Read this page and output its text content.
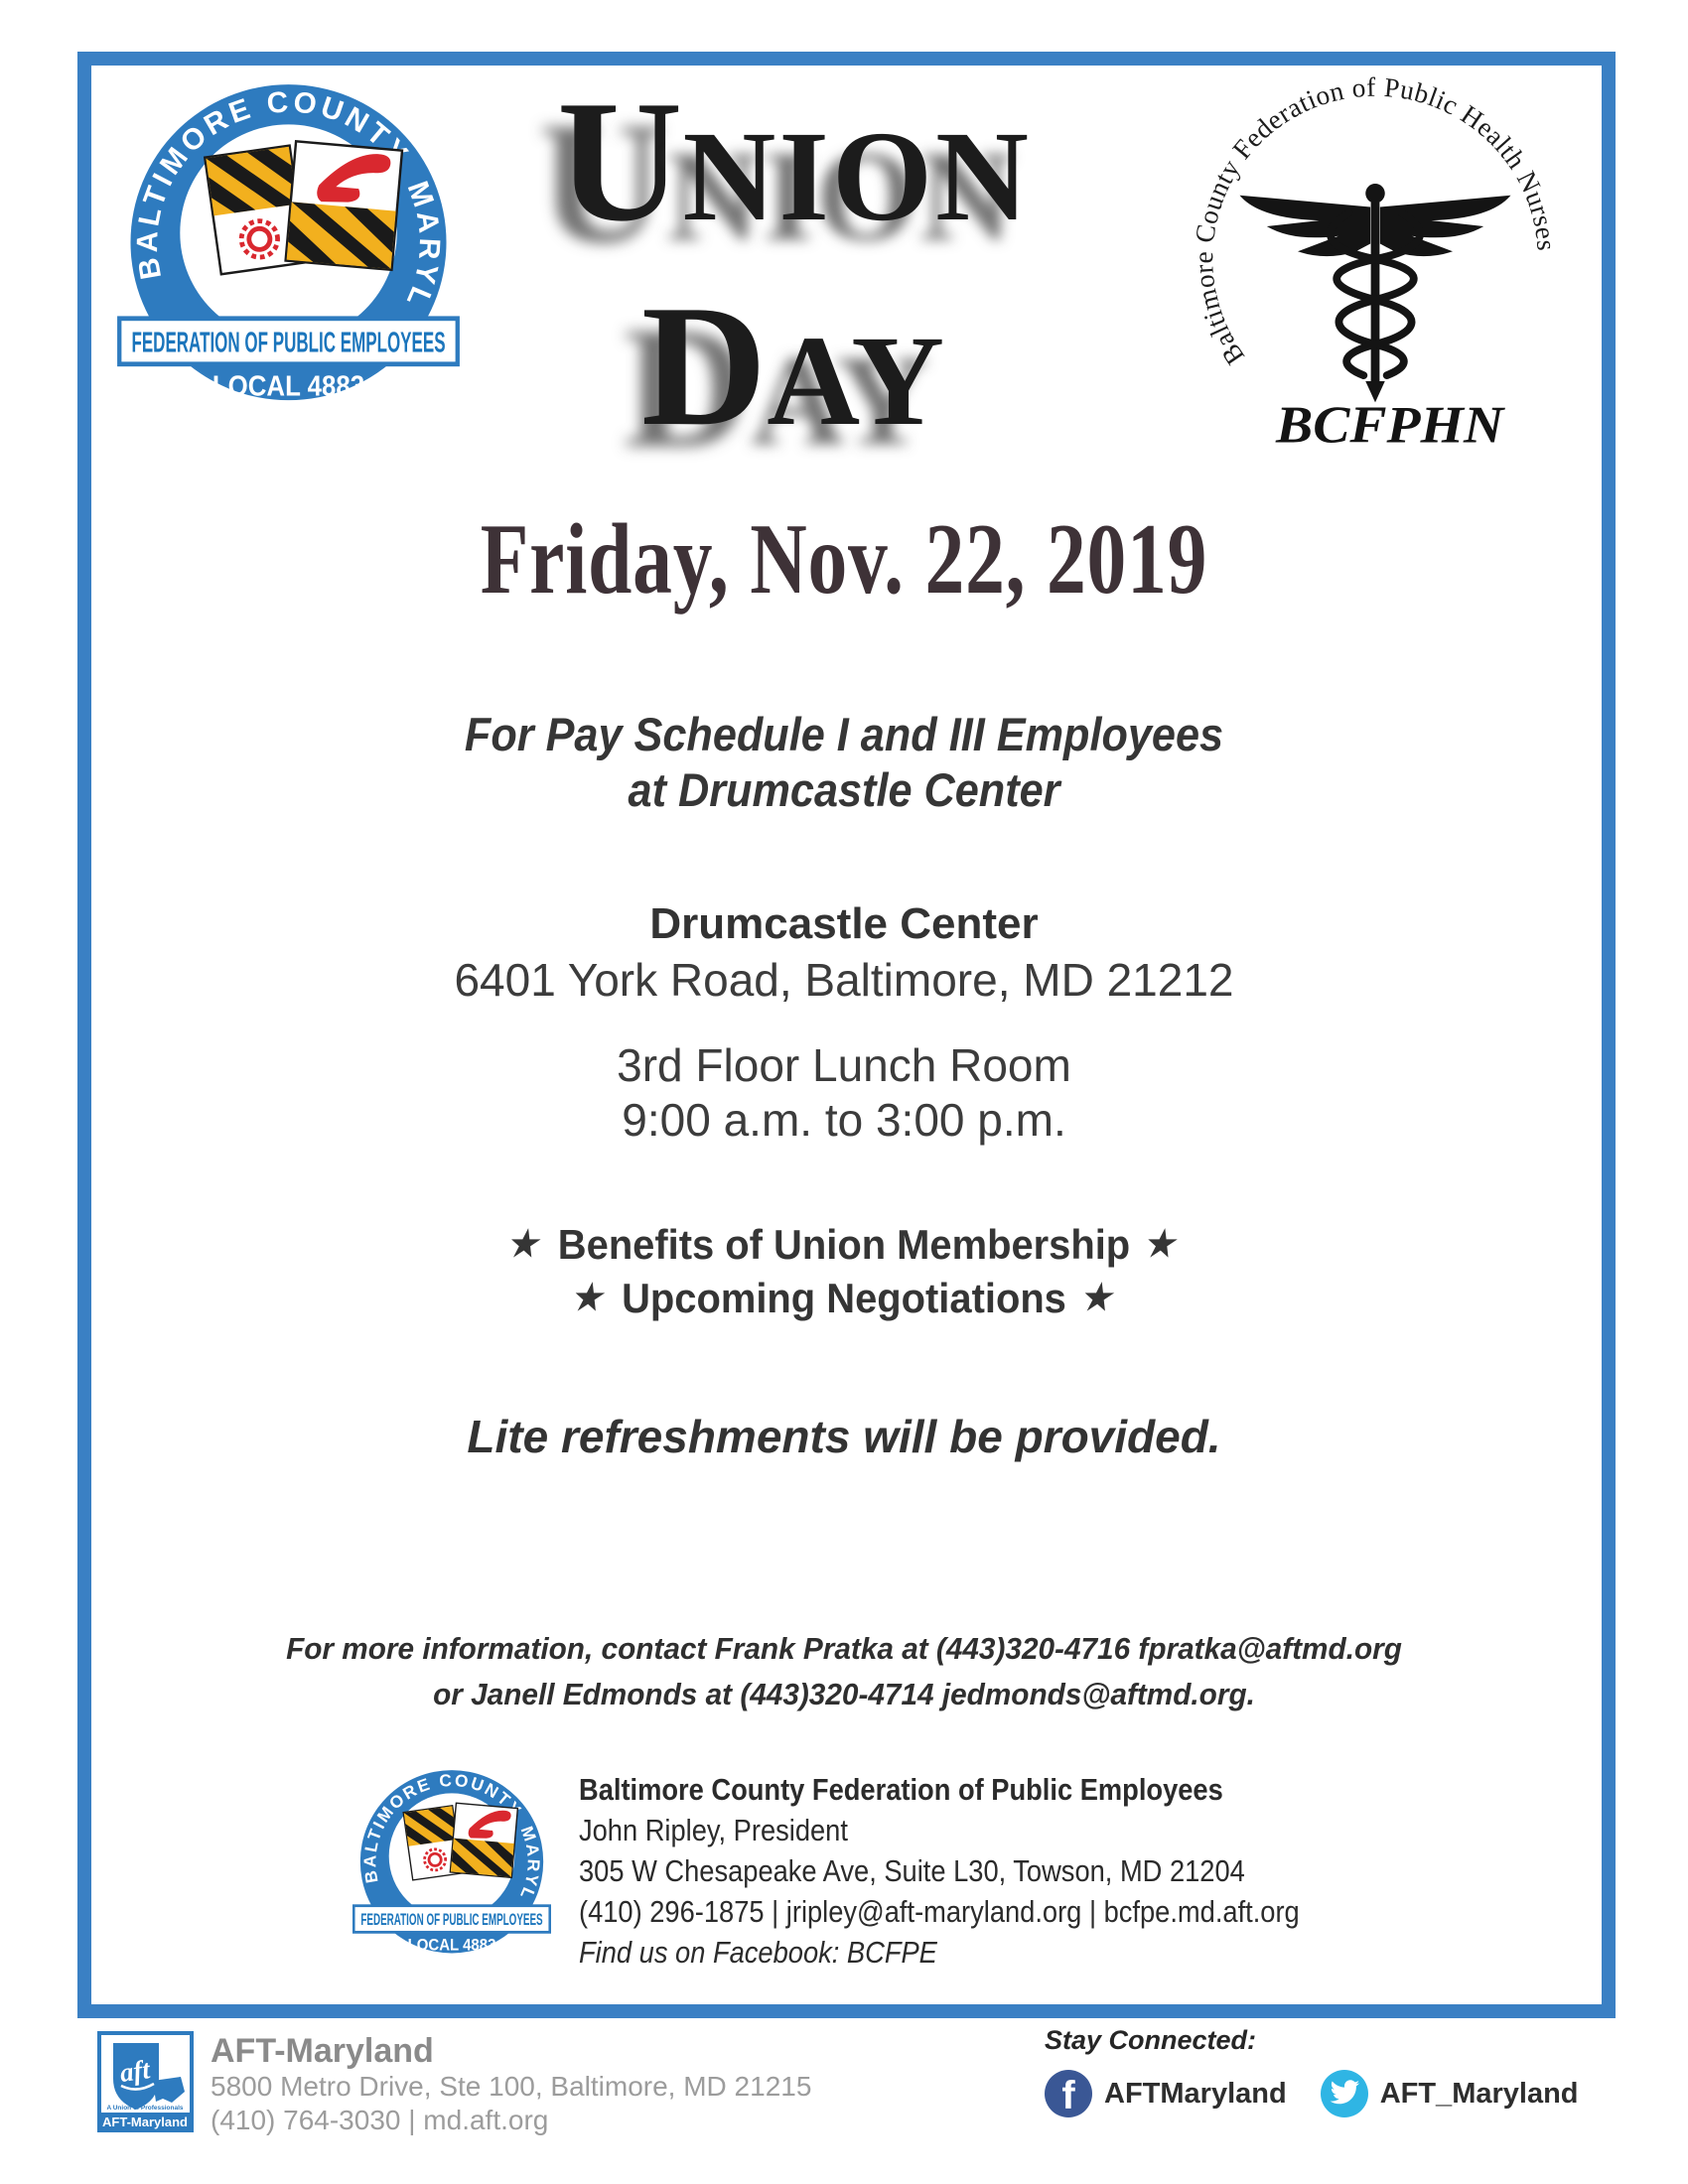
UNION
DAY
Friday, Nov. 22, 2019
For Pay Schedule I and III Employees
at Drumcastle Center
Drumcastle Center
6401 York Road, Baltimore, MD 21212
3rd Floor Lunch Room
9:00 a.m. to 3:00 p.m.
★ Benefits of Union Membership ★
★ Upcoming Negotiations ★
Lite refreshments will be provided.
For more information, contact Frank Pratka at (443)320-4716 fpratka@aftmd.org
or Janell Edmonds at (443)320-4714 jedmonds@aftmd.org.
Baltimore County Federation of Public Employees
John Ripley, President
305 W Chesapeake Ave, Suite L30, Towson, MD 21204
(410) 296-1875 | jripley@aft-maryland.org | bcfpe.md.aft.org
Find us on Facebook: BCFPE
AFT-Maryland
5800 Metro Drive, Ste 100, Baltimore, MD 21215
(410) 764-3030 | md.aft.org
Stay Connected:
f	AFTMaryland	AFT_Maryland
